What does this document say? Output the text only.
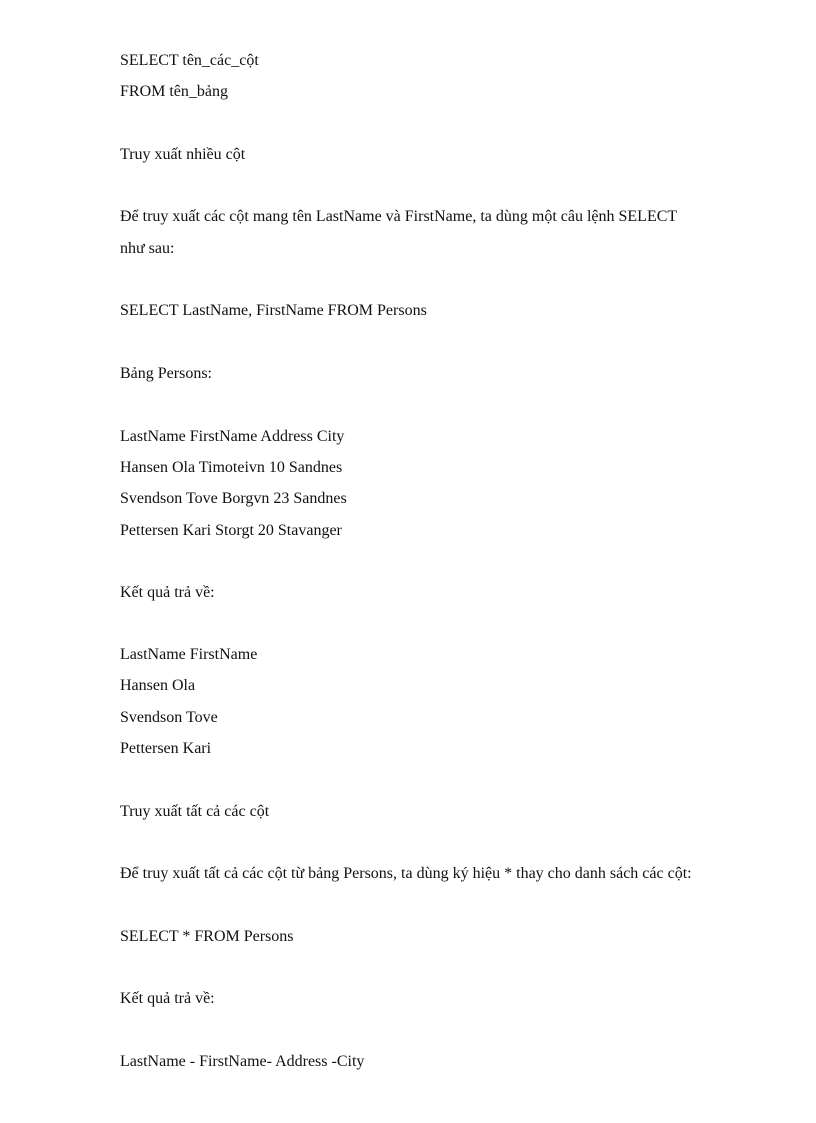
SELECT tên_các_cột
FROM tên_bảng
Truy xuất nhiều cột
Để truy xuất các cột mang tên LastName và FirstName, ta dùng một câu lệnh SELECT
như sau:
SELECT LastName, FirstName FROM Persons
Bảng Persons:
LastName FirstName Address City
Hansen Ola Timoteivn 10 Sandnes
Svendson Tove Borgvn 23 Sandnes
Pettersen Kari Storgt 20 Stavanger
Kết quả trả về:
LastName FirstName
Hansen Ola
Svendson Tove
Pettersen Kari
Truy xuất tất cả các cột
Để truy xuất tất cả các cột từ bảng Persons, ta dùng ký hiệu * thay cho danh sách các cột:
SELECT * FROM Persons
Kết quả trả về:
LastName - FirstName- Address -City
